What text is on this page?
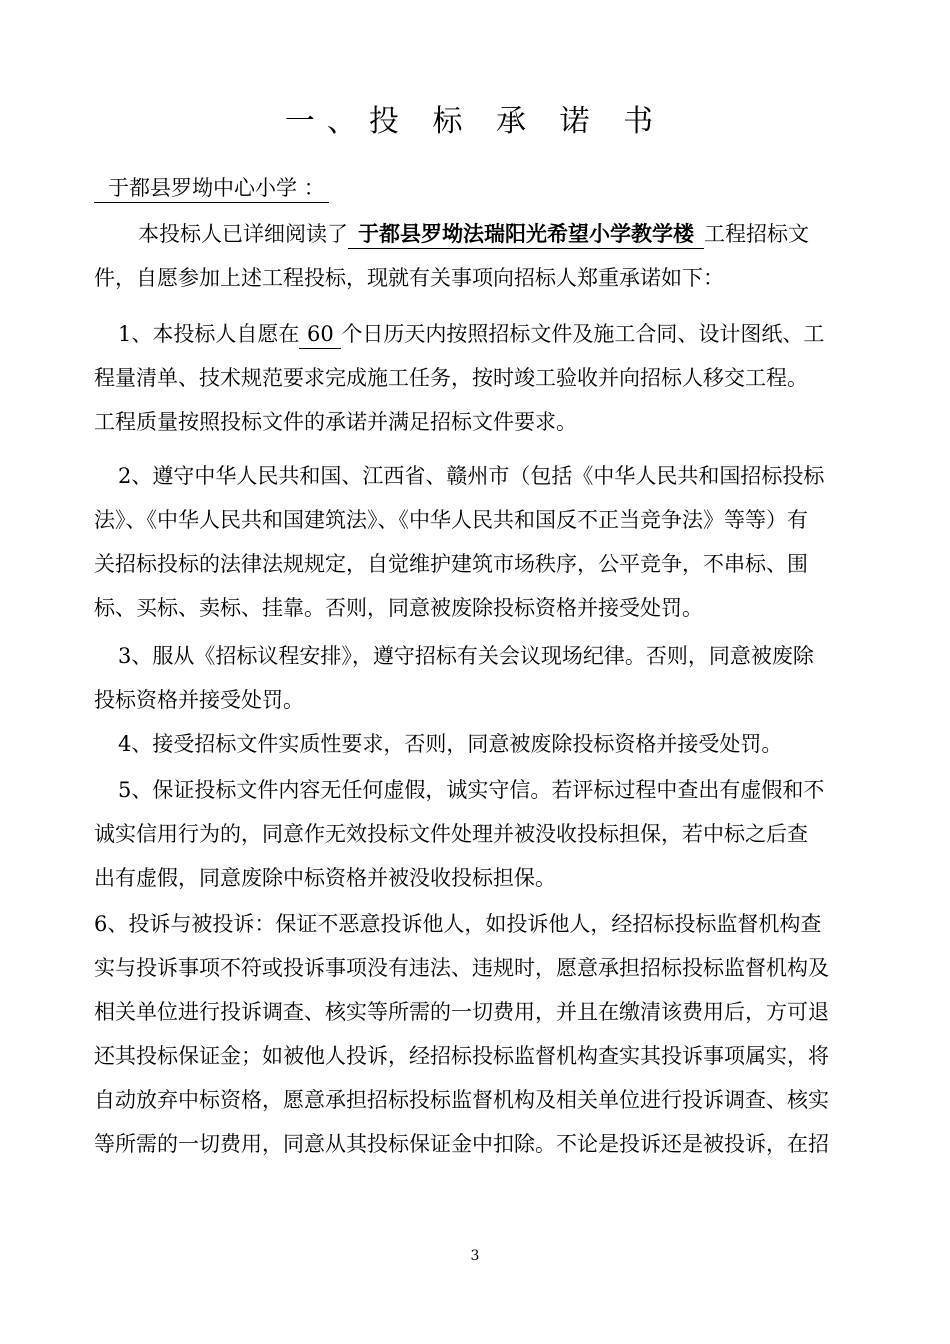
一、投 标 承 诺 书
于都县罗坳中心小学 ：
本投标人已详细阅读了 于都县罗坳法瑞阳光希望小学教学楼 工程招标文
件，自愿参加上述工程投标，现就有关事项向招标人郑重承诺如下：
1、本投标人自愿在 60 个日历天内按照招标文件及施工合同、设计图纸、工
程量清单、技术规范要求完成施工任务，按时竣工验收并向招标人移交工程。
工程质量按照投标文件的承诺并满足招标文件要求。
2、遵守中华人民共和国、江西省、赣州市（包括《中华人民共和国招标投标
法》、《中华人民共和国建筑法》、《中华人民共和国反不正当竞争法》等等）有
关招标投标的法律法规规定，自觉维护建筑市场秩序，公平竞争，不串标、围
标、买标、卖标、挂靠。否则，同意被废除投标资格并接受处罚。
3、服从《招标议程安排》，遵守招标有关会议现场纪律。否则，同意被废除
投标资格并接受处罚。
4、接受招标文件实质性要求，否则，同意被废除投标资格并接受处罚。
5、保证投标文件内容无任何虚假，诚实守信。若评标过程中查出有虚假和不
诚实信用行为的，同意作无效投标文件处理并被没收投标担保，若中标之后查
出有虚假，同意废除中标资格并被没收投标担保。
6、投诉与被投诉：保证不恶意投诉他人，如投诉他人，经招标投标监督机构查
实与投诉事项不符或投诉事项没有违法、违规时，愿意承担招标投标监督机构及
相关单位进行投诉调查、核实等所需的一切费用，并且在缴清该费用后，方可退
还其投标保证金；如被他人投诉，经招标投标监督机构查实其投诉事项属实，将
自动放弃中标资格，愿意承担招标投标监督机构及相关单位进行投诉调查、核实
等所需的一切费用，同意从其投标保证金中扣除。不论是投诉还是被投诉，在招
3
